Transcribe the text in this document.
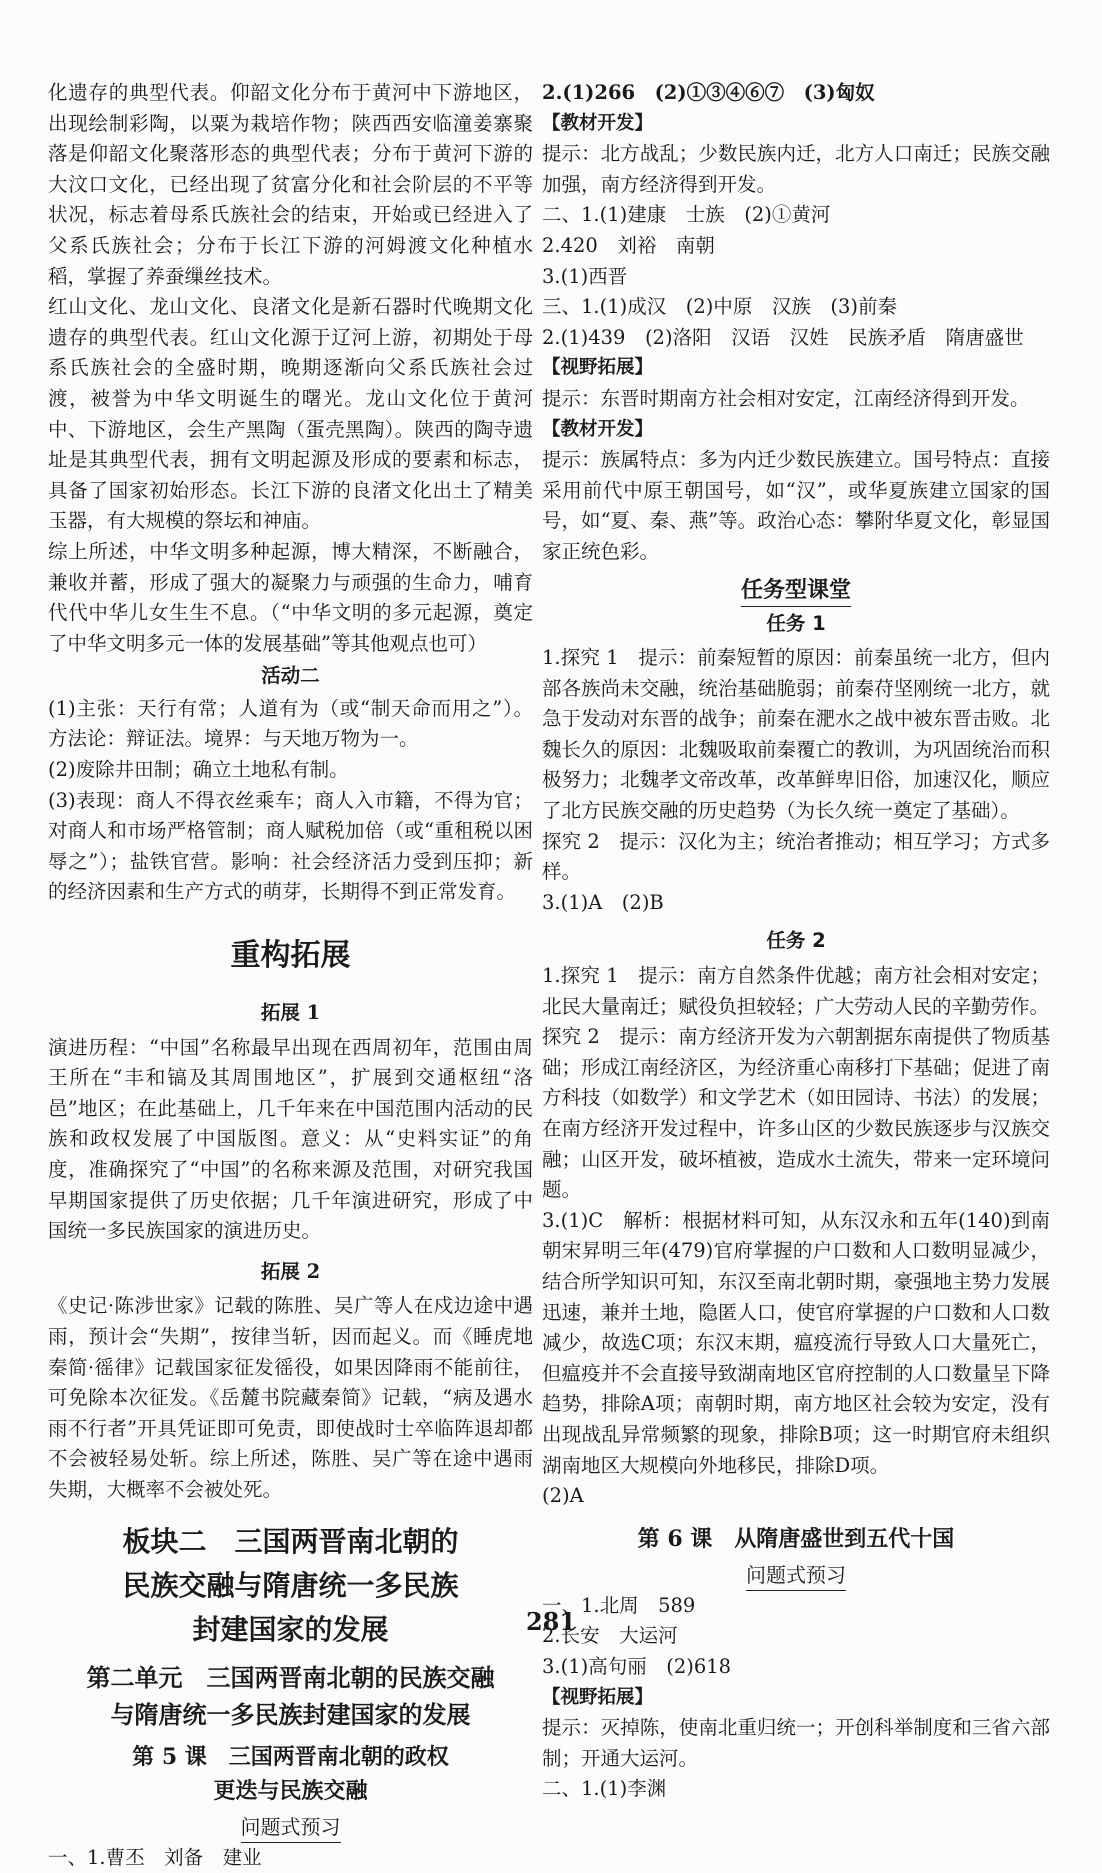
化遗存的典型代表。仰韶文化分布于黄河中下游地区，出现绘制彩陶，以粟为栽培作物；陕西西安临潼姜寨聚落是仰韶文化聚落形态的典型代表；分布于黄河下游的大汶口文化，已经出现了贫富分化和社会阶层的不平等状况，标志着母系氏族社会的结束，开始或已经进入了父系氏族社会；分布于长江下游的河姆渡文化种植水稻，掌握了养蚕缫丝技术。

红山文化、龙山文化、良渚文化是新石器时代晚期文化遗存的典型代表。红山文化源于辽河上游，初期处于母系氏族社会的全盛时期，晚期逐渐向父系氏族社会过渡，被誉为中华文明诞生的曙光。龙山文化位于黄河中、下游地区，会生产黑陶（蛋壳黑陶）。陕西的陶寺遗址是其典型代表，拥有文明起源及形成的要素和标志，具备了国家初始形态。长江下游的良渚文化出土了精美玉器，有大规模的祭坛和神庙。

综上所述，中华文明多种起源，博大精深，不断融合，兼收并蓄，形成了强大的凝聚力与顽强的生命力，哺育代代中华儿女生生不息。（“中华文明的多元起源，奠定了中华文明多元一体的发展基础”等其他观点也可）

活动二

(1)主张：天行有常；人道有为（或“制天命而用之”）。方法论：辩证法。境界：与天地万物为一。

(2)废除井田制；确立土地私有制。

(3)表现：商人不得衣丝乘车；商人入市籍，不得为官；对商人和市场严格管制；商人赋税加倍（或“重租税以困辱之”）；盐铁官营。影响：社会经济活力受到压抑；新的经济因素和生产方式的萌芽，长期得不到正常发育。

重构拓展
拓展 1

演进历程：“中国”名称最早出现在西周初年，范围由周王所在“丰和镐及其周围地区”，扩展到交通枢纽“洛邑”地区；在此基础上，几千年来在中国范围内活动的民族和政权发展了中国版图。意义：从“史料实证”的角度，准确探究了“中国”的名称来源及范围，对研究我国早期国家提供了历史依据；几千年演进研究，形成了中国统一多民族国家的演进历史。

拓展 2

《史记·陈涉世家》记载的陈胜、吴广等人在戍边途中遇雨，预计会“失期”，按律当斩，因而起义。而《睡虎地秦简·徭律》记载国家征发徭役，如果因降雨不能前往，可免除本次征发。《岳麓书院藏秦简》记载，“病及遇水雨不行者”开具凭证即可免责，即使战时士卒临阵退却都不会被轻易处斩。综上所述，陈胜、吴广等在途中遇雨失期，大概率不会被处死。

板块二　三国两晋南北朝的
民族交融与隋唐统一多民族
封建国家的发展
第二单元　三国两晋南北朝的民族交融
与隋唐统一多民族封建国家的发展
第 5 课　三国两晋南北朝的政权
更迭与民族交融
问题式预习

一、1.曹丕　刘备　建业

2.(1)266　(2)①③④⑥⑦　(3)匈奴

【教材开发】

提示：北方战乱；少数民族内迁，北方人口南迁；民族交融加强，南方经济得到开发。

二、1.(1)建康　士族　(2)①黄河

2.420　刘裕　南朝

3.(1)西晋

三、1.(1)成汉　(2)中原　汉族　(3)前秦

2.(1)439　(2)洛阳　汉语　汉姓　民族矛盾　隋唐盛世

【视野拓展】

提示：东晋时期南方社会相对安定，江南经济得到开发。

【教材开发】

提示：族属特点：多为内迁少数民族建立。国号特点：直接采用前代中原王朝国号，如“汉”，或华夏族建立国家的国号，如“夏、秦、燕”等。政治心态：攀附华夏文化，彰显国家正统色彩。

任务型课堂
任务 1

1.探究 1　提示：前秦短暂的原因：前秦虽统一北方，但内部各族尚未交融，统治基础脆弱；前秦苻坚刚统一北方，就急于发动对东晋的战争；前秦在淝水之战中被东晋击败。北魏长久的原因：北魏吸取前秦覆亡的教训，为巩固统治而积极努力；北魏孝文帝改革，改革鲜卑旧俗，加速汉化，顺应了北方民族交融的历史趋势（为长久统一奠定了基础）。

探究 2　提示：汉化为主；统治者推动；相互学习；方式多样。

3.(1)A　(2)B

任务 2

1.探究 1　提示：南方自然条件优越；南方社会相对安定；北民大量南迁；赋役负担较轻；广大劳动人民的辛勤劳作。

探究 2　提示：南方经济开发为六朝割据东南提供了物质基础；形成江南经济区，为经济重心南移打下基础；促进了南方科技（如数学）和文学艺术（如田园诗、书法）的发展；在南方经济开发过程中，许多山区的少数民族逐步与汉族交融；山区开发，破坏植被，造成水土流失，带来一定环境问题。

3.(1)C　解析：根据材料可知，从东汉永和五年(140)到南朝宋昇明三年(479)官府掌握的户口数和人口数明显减少，结合所学知识可知，东汉至南北朝时期，豪强地主势力发展迅速，兼并土地，隐匿人口，使官府掌握的户口数和人口数减少，故选C项；东汉末期，瘟疫流行导致人口大量死亡，但瘟疫并不会直接导致湖南地区官府控制的人口数量呈下降趋势，排除A项；南朝时期，南方地区社会较为安定，没有出现战乱异常频繁的现象，排除B项；这一时期官府未组织湖南地区大规模向外地移民，排除D项。

(2)A

第 6 课　从隋唐盛世到五代十国
问题式预习

一、1.北周　589

2.长安　大运河

3.(1)高句丽　(2)618

【视野拓展】

提示：灭掉陈，使南北重归统一；开创科举制度和三省六部制；开通大运河。

二、1.(1)李渊

281
